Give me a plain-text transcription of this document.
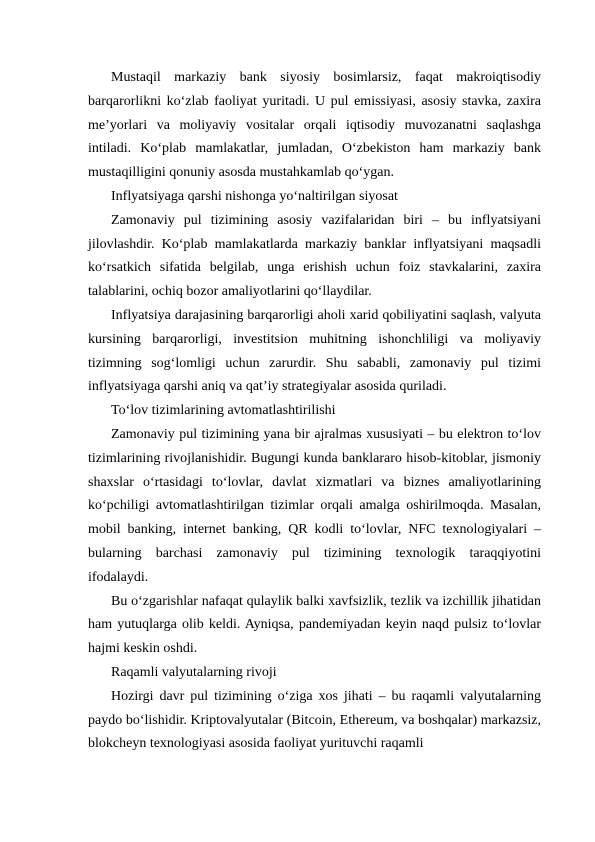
Mustaqil markaziy bank siyosiy bosimlarsiz, faqat makroiqtisodiy barqarorlikni ko‘zlab faoliyat yuritadi. U pul emissiyasi, asosiy stavka, zaxira me’yorlari va moliyaviy vositalar orqali iqtisodiy muvozanatni saqlashga intiladi. Ko‘plab mamlakatlar, jumladan, O‘zbekiston ham markaziy bank mustaqilligini qonuniy asosda mustahkamlab qo‘ygan.

Inflyatsiyaga qarshi nishonga yo‘naltirilgan siyosat

Zamonaviy pul tizimining asosiy vazifalaridan biri – bu inflyatsiyani jilovlashdir. Ko‘plab mamlakatlarda markaziy banklar inflyatsiyani maqsadli ko‘rsatkich sifatida belgilab, unga erishish uchun foiz stavkalarini, zaxira talablarini, ochiq bozor amaliyotlarini qo‘llaydilar.

Inflyatsiya darajasining barqarorligi aholi xarid qobiliyatini saqlash, valyuta kursining barqarorligi, investitsion muhitning ishonchliligi va moliyaviy tizimning sog‘lomligi uchun zarurdir. Shu sababli, zamonaviy pul tizimi inflyatsiyaga qarshi aniq va qat’iy strategiyalar asosida quriladi.

To‘lov tizimlarining avtomatlashtirilishi

Zamonaviy pul tizimining yana bir ajralmas xususiyati – bu elektron to‘lov tizimlarining rivojlanishidir. Bugungi kunda banklararo hisob-kitoblar, jismoniy shaxslar o‘rtasidagi to‘lovlar, davlat xizmatlari va biznes amaliyotlarining ko‘pchiligi avtomatlashtirilgan tizimlar orqali amalga oshirilmoqda. Masalan, mobil banking, internet banking, QR kodli to‘lovlar, NFC texnologiyalari – bularning barchasi zamonaviy pul tizimining texnologik taraqqiyotini ifodalaydi.

Bu o‘zgarishlar nafaqat qulaylik balki xavfsizlik, tezlik va izchillik jihatidan ham yutuqlarga olib keldi. Ayniqsa, pandemiyadan keyin naqd pulsiz to‘lovlar hajmi keskin oshdi.

Raqamli valyutalarning rivoji

Hozirgi davr pul tizimining o‘ziga xos jihati – bu raqamli valyutalarning paydo bo‘lishidir. Kriptovalyutalar (Bitcoin, Ethereum, va boshqalar) markazsiz, blokcheyn texnologiyasi asosida faoliyat yurituvchi raqamli
